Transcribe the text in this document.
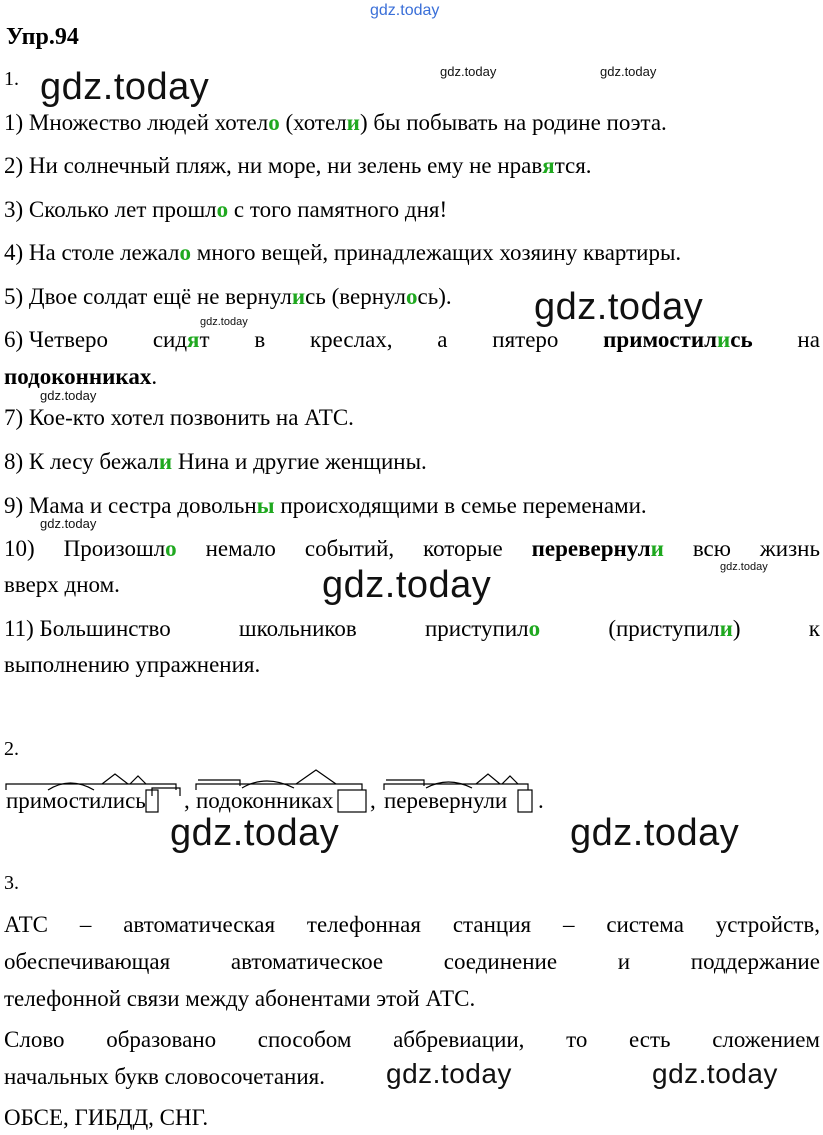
gdz.today
gdz.today	gdz.today
gdz.today
gdz.today
gdz.today
gdz.today
gdz.today
gdz.today
gdz.today
gdz.today	gdz.today
gdz.today	gdz.today
Упр.94
1.
1) Множество людей хотело (хотели) бы побывать на родине поэта.
2) Ни солнечный пляж, ни море, ни зелень ему не нравятся.
3) Сколько лет прошло с того памятного дня!
4) На столе лежало много вещей, принадлежащих хозяину квартиры.
5) Двое солдат ещё не вернулись (вернулось).
6) Четверо сидят в креслах, а пятеро примостились на
подоконниках.
7) Кое-кто хотел позвонить на АТС.
8) К лесу бежали Нина и другие женщины.
9) Мама и сестра довольны происходящими в семье переменами.
10) Произошло немало событий, которые перевернули всю жизнь
вверх дном.
11) Большинство	школьников	приступило	(приступили)	к
выполнению упражнения.
2.
примостились , подоконниках , перевернули .
3.
АТС – автоматическая телефонная станция – система устройств,
обеспечивающая	автоматическое	соединение	и	поддержание
телефонной связи между абонентами этой АТС.
Слово образовано способом аббревиации, то есть сложением
начальных букв словосочетания.
ОБСЕ, ГИБДД, СНГ.
